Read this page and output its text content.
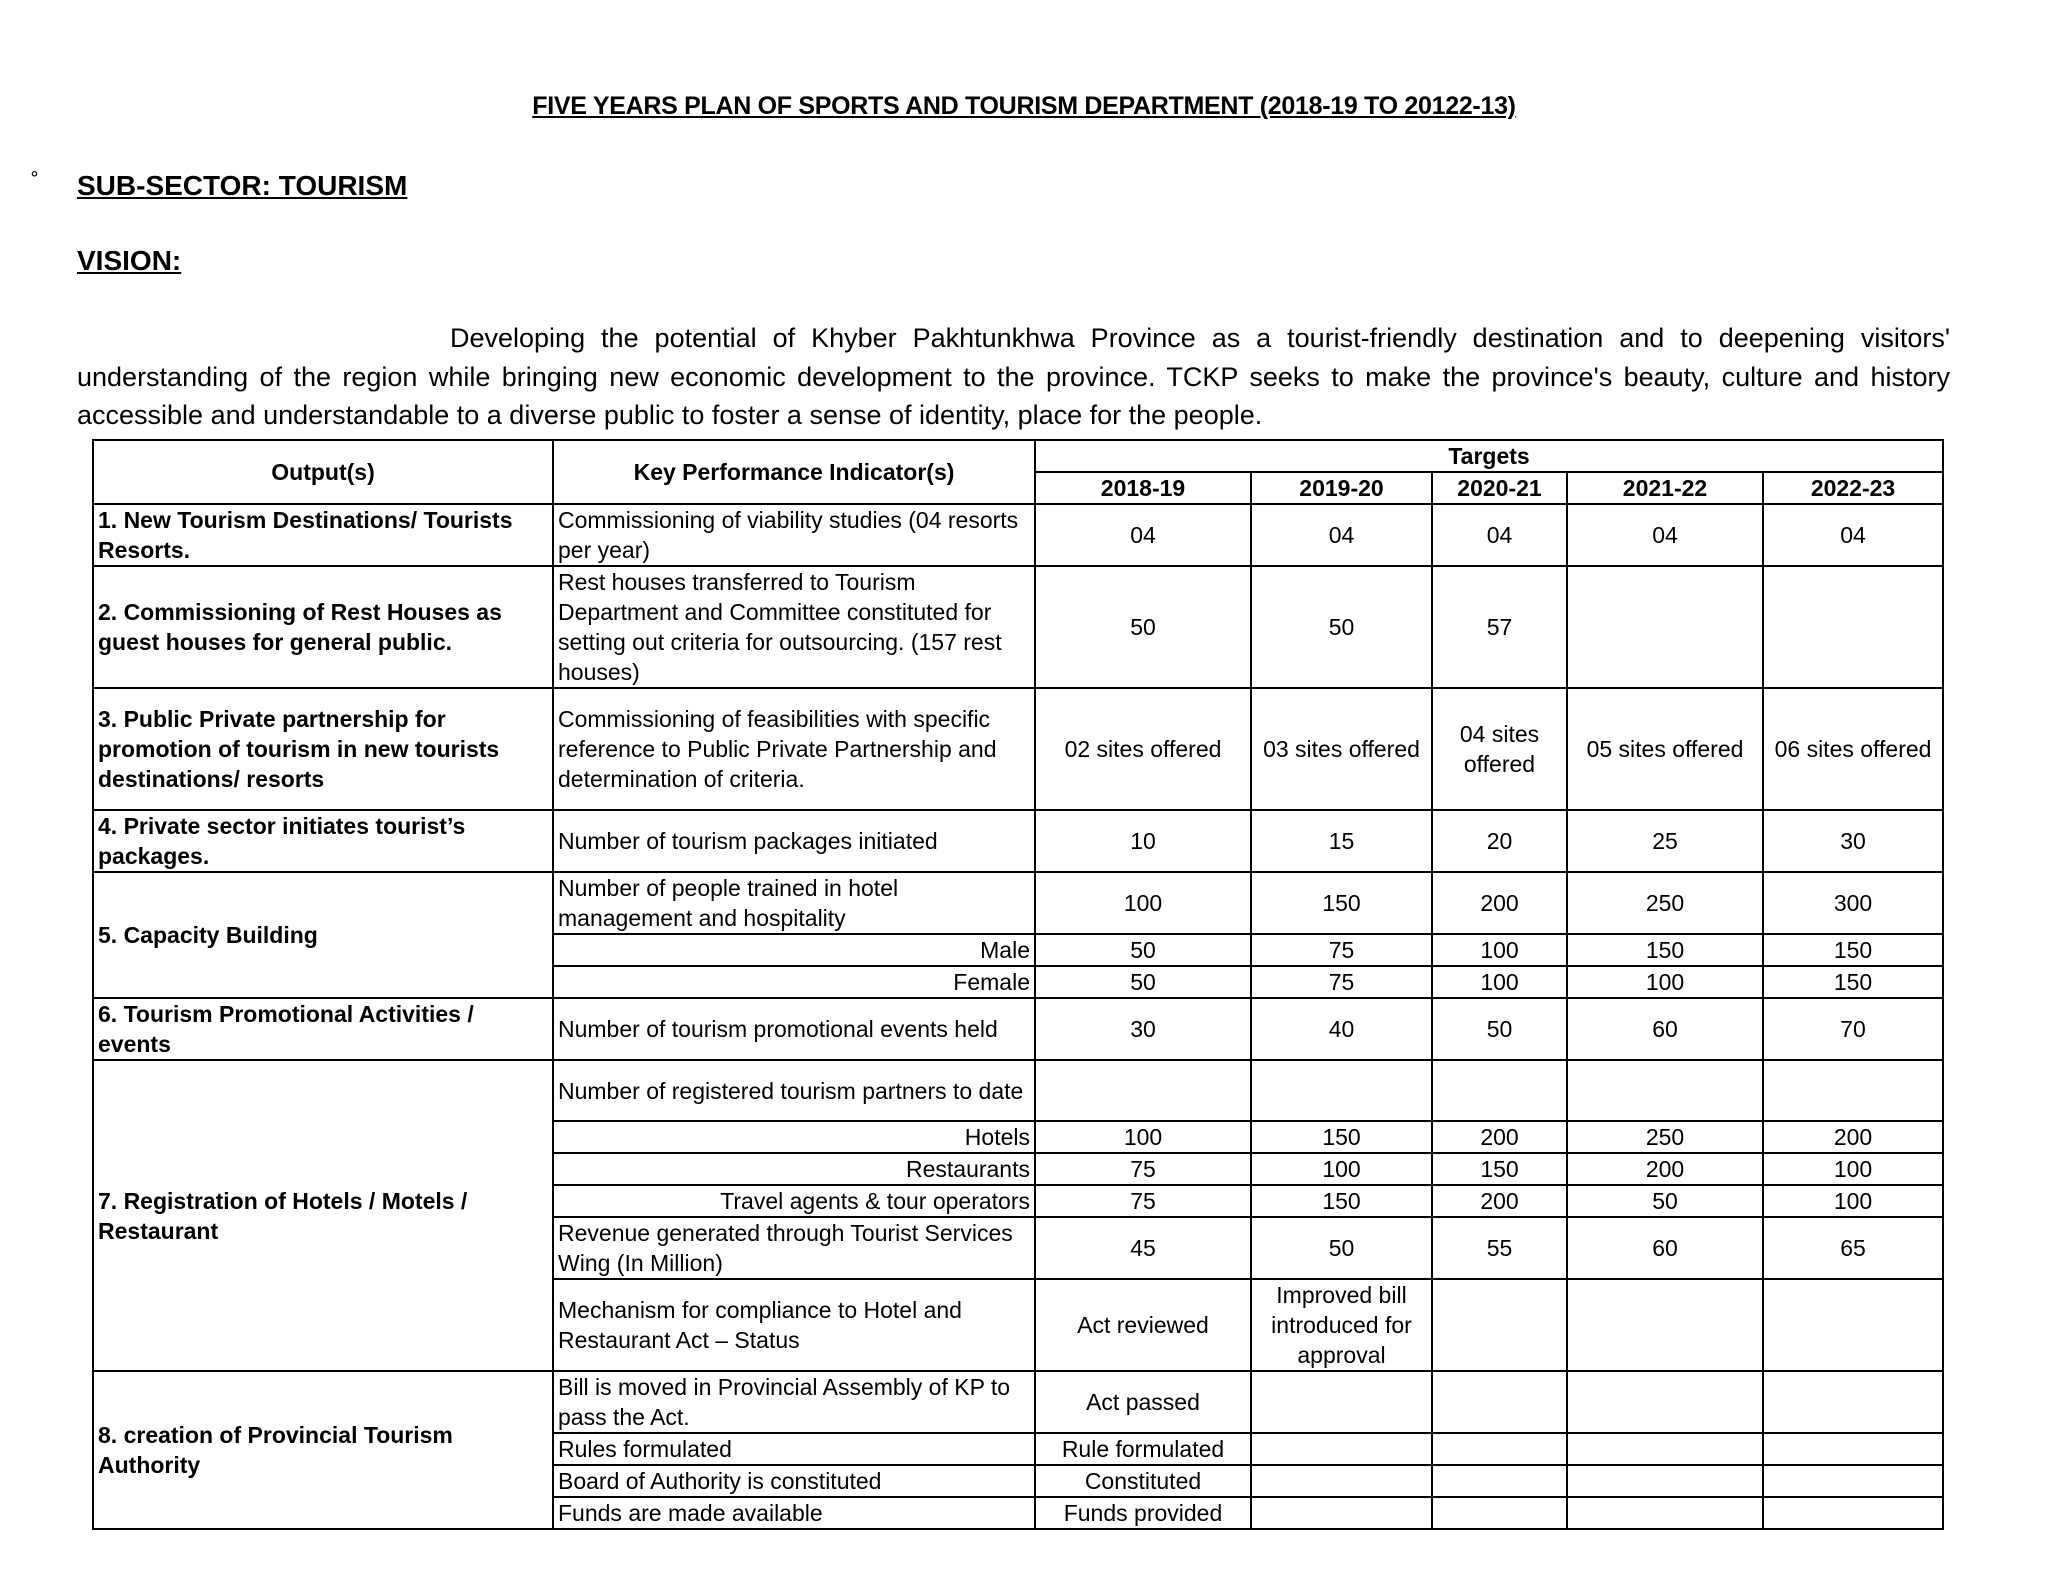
FIVE YEARS PLAN OF SPORTS AND TOURISM DEPARTMENT (2018-19 TO 20122-13)
° SUB-SECTOR: TOURISM
VISION:
Developing the potential of Khyber Pakhtunkhwa Province as a tourist-friendly destination and to deepening visitors' understanding of the region while bringing new economic development to the province. TCKP seeks to make the province's beauty, culture and history accessible and understandable to a diverse public to foster a sense of identity, place for the people.
Output(s)	Key Performance Indicator(s)	Targets				
		2018-19	2019-20	2020-21	2021-22	2022-23
1. New Tourism Destinations/ Tourists Resorts.	Commissioning of viability studies (04 resorts per year)	04	04	04	04	04
2. Commissioning of Rest Houses as guest houses for general public.	Rest houses transferred to Tourism Department and Committee constituted for setting out criteria for outsourcing. (157 rest houses)	50	50	57		
3. Public Private partnership for promotion of tourism in new tourists destinations/ resorts	Commissioning of feasibilities with specific reference to Public Private Partnership and determination of criteria.	02 sites offered	03 sites offered	04 sites offered	05 sites offered	06 sites offered
4. Private sector initiates tourist’s packages.	Number of tourism packages initiated	10	15	20	25	30
5. Capacity Building	Number of people trained in hotel management and hospitality	100	150	200	250	300
	Male	50	75	100	150	150
	Female	50	75	100	100	150
6. Tourism Promotional Activities / events	Number of tourism promotional events held	30	40	50	60	70
7. Registration of Hotels / Motels / Restaurant	Number of registered tourism partners to date					
	Hotels	100	150	200	250	200
	Restaurants	75	100	150	200	100
	Travel agents & tour operators	75	150	200	50	100
	Revenue generated through Tourist Services Wing (In Million)	45	50	55	60	65
	Mechanism for compliance to Hotel and Restaurant Act – Status	Act reviewed	Improved bill introduced for approval			
8. creation of Provincial Tourism Authority	Bill is moved in Provincial Assembly of KP to pass the Act.	Act passed				
	Rules formulated	Rule formulated				
	Board of Authority is constituted	Constituted				
	Funds are made available	Funds provided				
